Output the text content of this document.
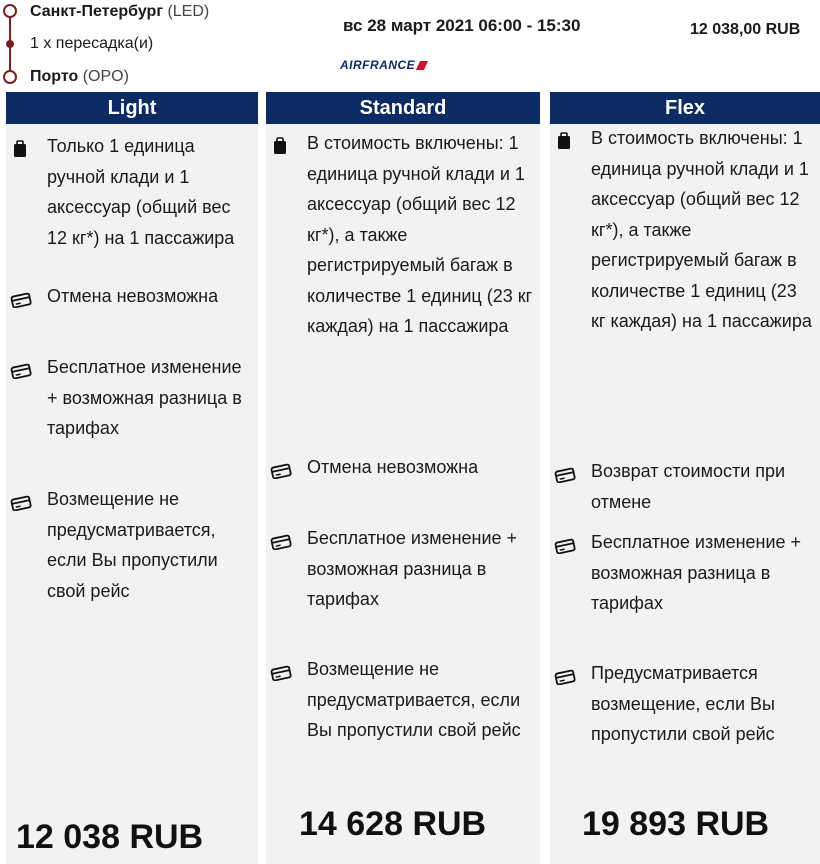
Санкт-Петербург (LED)
1 х пересадка(и)
Порто (OPO)
вс 28 март 2021 06:00 - 15:30
AIRFRANCE
12 038,00 RUB
Light
Только 1 единица ручной клади и 1 аксессуар (общий вес 12 кг*) на 1 пассажира
Отмена невозможна
Бесплатное изменение + возможная разница в тарифах
Возмещение не предусматривается, если Вы пропустили свой рейс
12 038 RUB
Standard
В стоимость включены: 1 единица ручной клади и 1 аксессуар (общий вес 12 кг*), а также регистрируемый багаж в количестве 1 единиц (23 кг каждая) на 1 пассажира
Отмена невозможна
Бесплатное изменение + возможная разница в тарифах
Возмещение не предусматривается, если Вы пропустили свой рейс
14 628 RUB
Flex
В стоимость включены: 1 единица ручной клади и 1 аксессуар (общий вес 12 кг*), а также регистрируемый багаж в количестве 1 единиц (23 кг каждая) на 1 пассажира
Возврат стоимости при отмене
Бесплатное изменение + возможная разница в тарифах
Предусматривается возмещение, если Вы пропустили свой рейс
19 893 RUB
